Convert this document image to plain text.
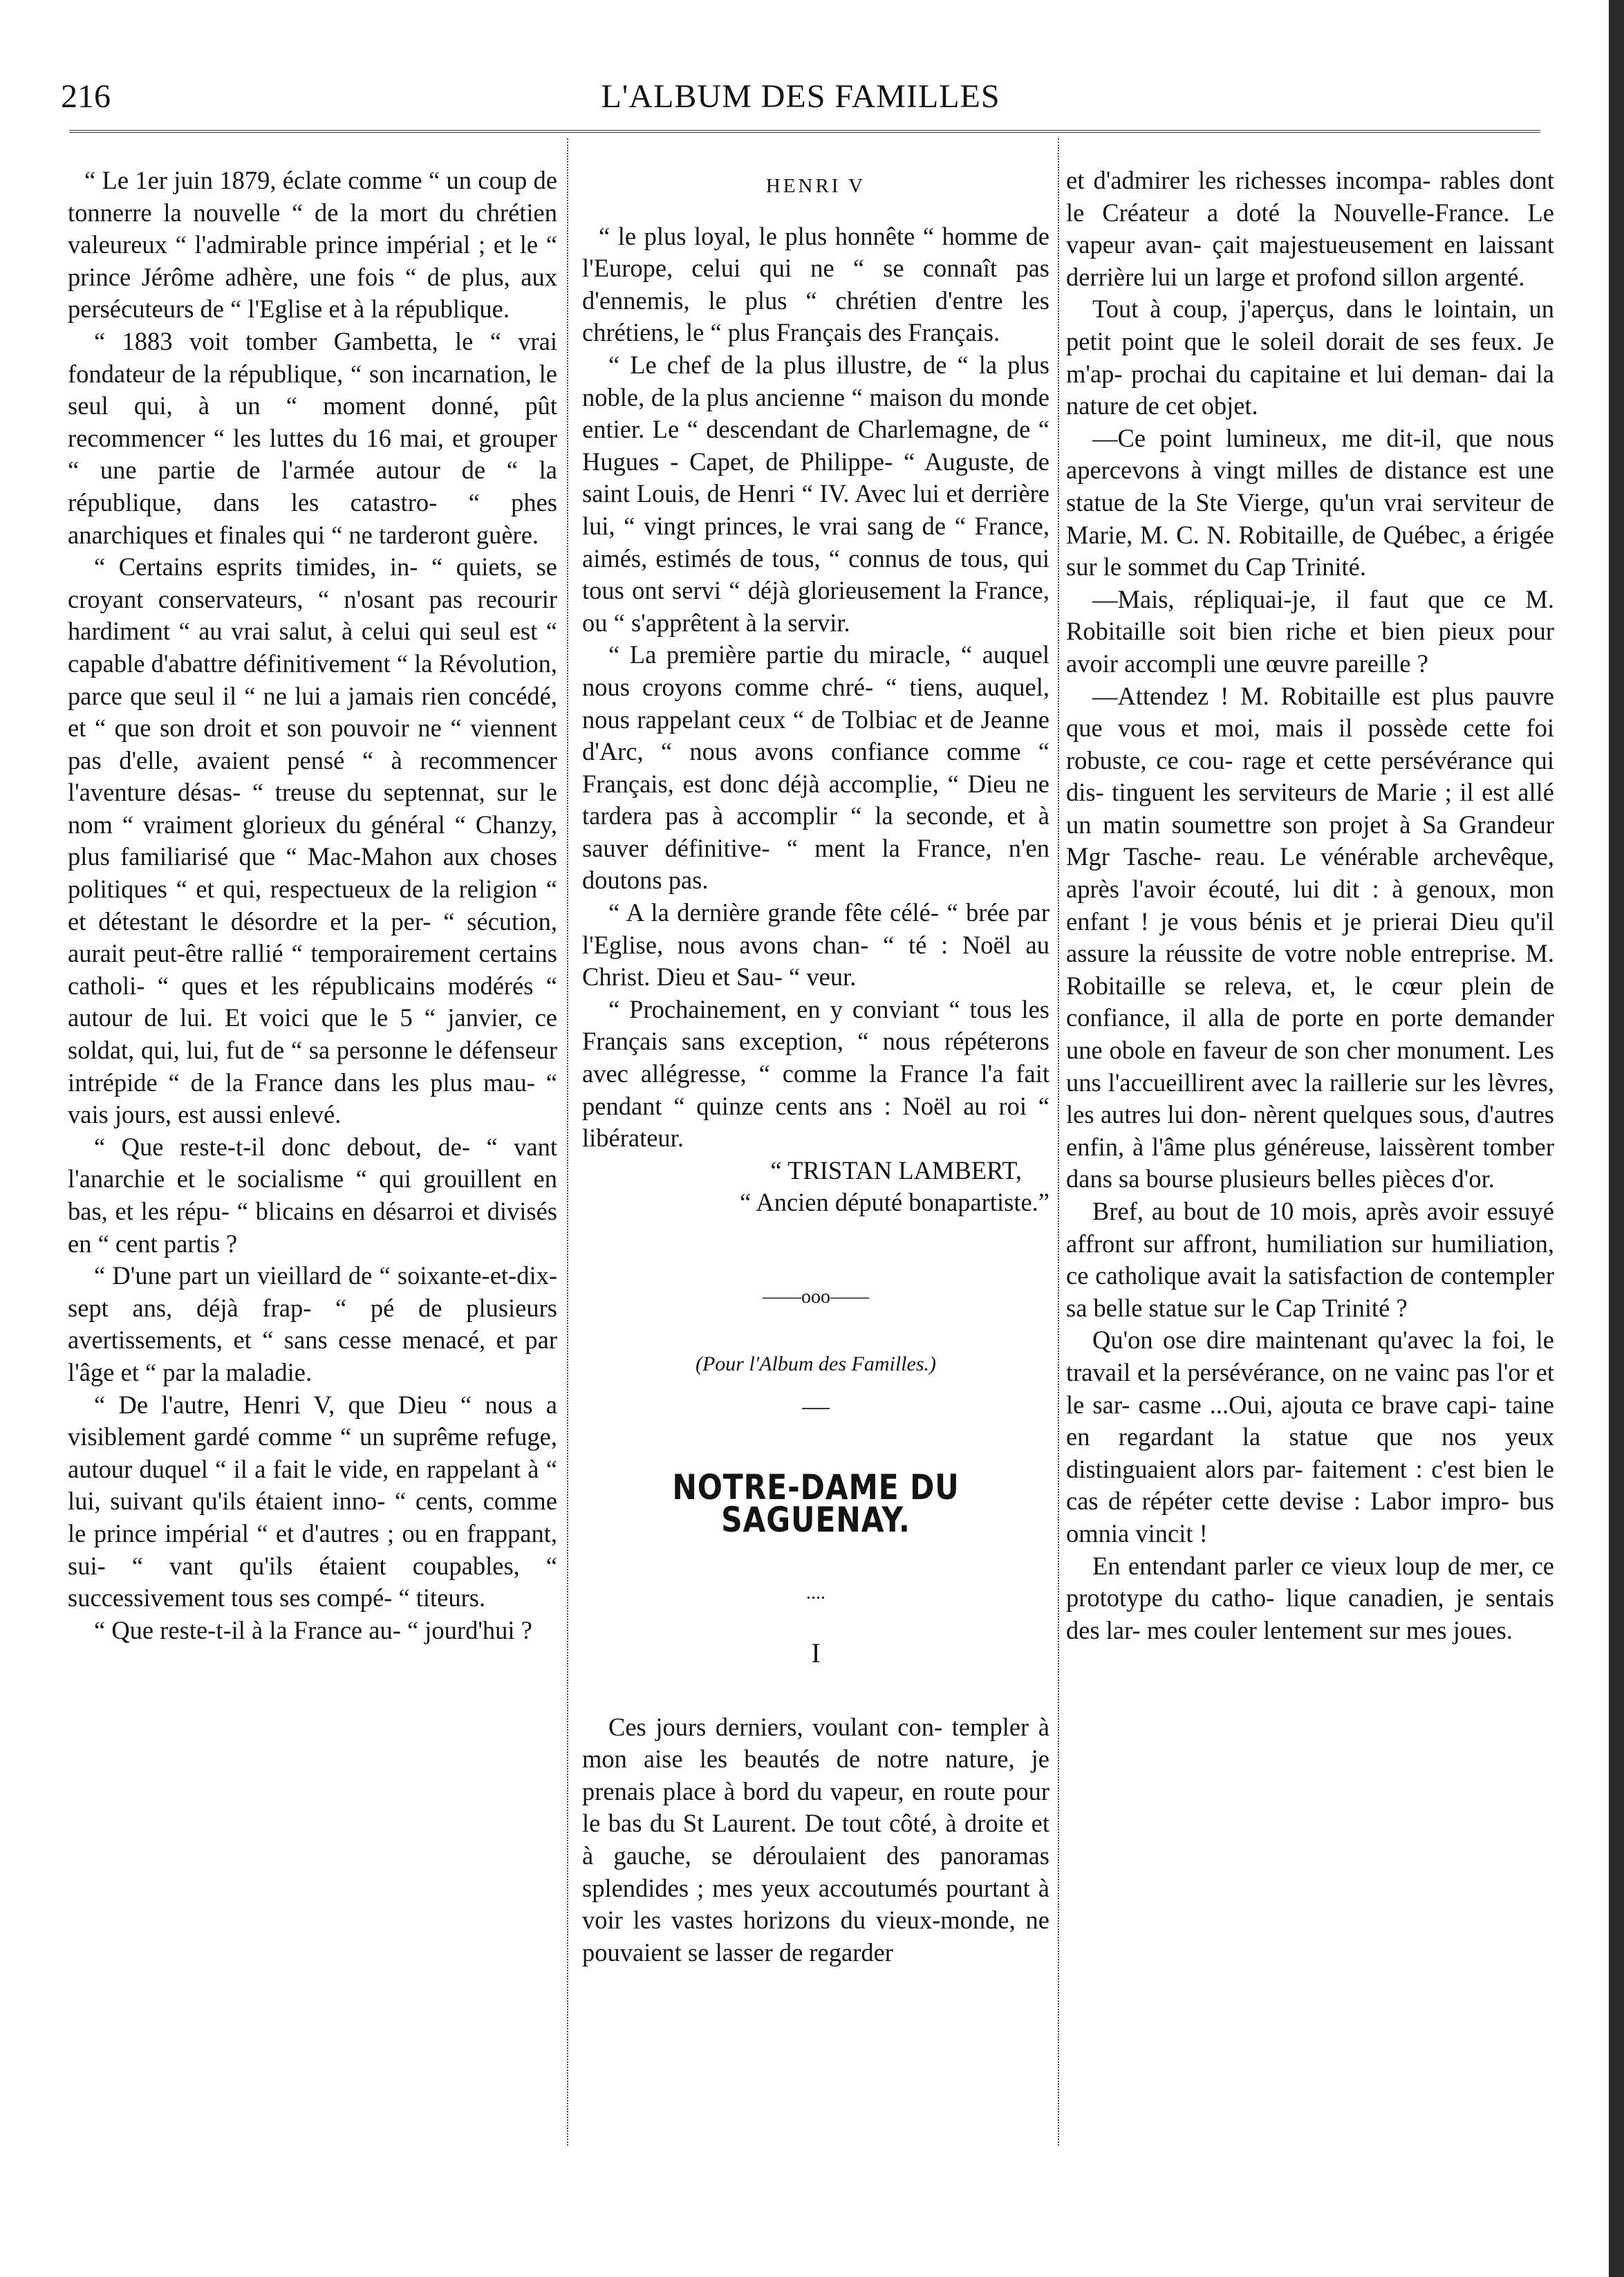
216	L'ALBUM DES FAMILLES

“ Le 1er juin 1879, éclate comme “ un coup de tonnerre la nouvelle “ de la mort du chrétien valeureux “ l'admirable prince impérial ; et le “ prince Jérôme adhère, une fois “ de plus, aux persécuteurs de “ l'Eglise et à la république.

“ 1883 voit tomber Gambetta, le “ vrai fondateur de la république, “ son incarnation, le seul qui, à un “ moment donné, pût recommencer “ les luttes du 16 mai, et grouper “ une partie de l'armée autour de “ la république, dans les catastro- “ phes anarchiques et finales qui “ ne tarderont guère.

“ Certains esprits timides, in- “ quiets, se croyant conservateurs, “ n'osant pas recourir hardiment “ au vrai salut, à celui qui seul est “ capable d'abattre définitivement “ la Révolution, parce que seul il “ ne lui a jamais rien concédé, et “ que son droit et son pouvoir ne “ viennent pas d'elle, avaient pensé “ à recommencer l'aventure désas- “ treuse du septennat, sur le nom “ vraiment glorieux du général “ Chanzy, plus familiarisé que “ Mac-Mahon aux choses politiques “ et qui, respectueux de la religion “ et détestant le désordre et la per- “ sécution, aurait peut-être rallié “ temporairement certains catholi- “ ques et les républicains modérés “ autour de lui. Et voici que le 5 “ janvier, ce soldat, qui, lui, fut de “ sa personne le défenseur intrépide “ de la France dans les plus mau- “ vais jours, est aussi enlevé.

“ Que reste-t-il donc debout, de- “ vant l'anarchie et le socialisme “ qui grouillent en bas, et les répu- “ blicains en désarroi et divisés en “ cent partis ?

“ D'une part un vieillard de “ soixante-et-dix-sept ans, déjà frap- “ pé de plusieurs avertissements, et “ sans cesse menacé, et par l'âge et “ par la maladie.

“ De l'autre, Henri V, que Dieu “ nous a visiblement gardé comme “ un suprême refuge, autour duquel “ il a fait le vide, en rappelant à “ lui, suivant qu'ils étaient inno- “ cents, comme le prince impérial “ et d'autres ; ou en frappant, sui- “ vant qu'ils étaient coupables, “ successivement tous ses compé- “ titeurs.

“ Que reste-t-il à la France au- “ jourd'hui ?

HENRI V

“ le plus loyal, le plus honnête “ homme de l'Europe, celui qui ne “ se connaît pas d'ennemis, le plus “ chrétien d'entre les chrétiens, le “ plus Français des Français.

“ Le chef de la plus illustre, de “ la plus noble, de la plus ancienne “ maison du monde entier. Le “ descendant de Charlemagne, de “ Hugues - Capet, de Philippe- “ Auguste, de saint Louis, de Henri “ IV. Avec lui et derrière lui, “ vingt princes, le vrai sang de “ France, aimés, estimés de tous, “ connus de tous, qui tous ont servi “ déjà glorieusement la France, ou “ s'apprêtent à la servir.

“ La première partie du miracle, “ auquel nous croyons comme chré- “ tiens, auquel, nous rappelant ceux “ de Tolbiac et de Jeanne d'Arc, “ nous avons confiance comme “ Français, est donc déjà accomplie, “ Dieu ne tardera pas à accomplir “ la seconde, et à sauver définitive- “ ment la France, n'en doutons pas.

“ A la dernière grande fête célé- “ brée par l'Eglise, nous avons chan- “ té : Noël au Christ. Dieu et Sau- “ veur.

“ Prochainement, en y conviant “ tous les Français sans exception, “ nous répéterons avec allégresse, “ comme la France l'a fait pendant “ quinze cents ans : Noël au roi “ libérateur.

“ TRISTAN LAMBERT,

“ Ancien député bonapartiste.”

——ooo——
(Pour l'Album des Familles.)
NOTRE-DAME DU SAGUENAY.
....
I

Ces jours derniers, voulant con- templer à mon aise les beautés de notre nature, je prenais place à bord du vapeur, en route pour le bas du St Laurent. De tout côté, à droite et à gauche, se déroulaient des panoramas splendides ; mes yeux accoutumés pourtant à voir les vastes horizons du vieux-monde, ne pouvaient se lasser de regarder

et d'admirer les richesses incompa- rables dont le Créateur a doté la Nouvelle-France. Le vapeur avan- çait majestueusement en laissant derrière lui un large et profond sillon argenté.

Tout à coup, j'aperçus, dans le lointain, un petit point que le soleil dorait de ses feux. Je m'ap- prochai du capitaine et lui deman- dai la nature de cet objet.

—Ce point lumineux, me dit-il, que nous apercevons à vingt milles de distance est une statue de la Ste Vierge, qu'un vrai serviteur de Marie, M. C. N. Robitaille, de Québec, a érigée sur le sommet du Cap Trinité.

—Mais, répliquai-je, il faut que ce M. Robitaille soit bien riche et bien pieux pour avoir accompli une œuvre pareille ?

—Attendez ! M. Robitaille est plus pauvre que vous et moi, mais il possède cette foi robuste, ce cou- rage et cette persévérance qui dis- tinguent les serviteurs de Marie ; il est allé un matin soumettre son projet à Sa Grandeur Mgr Tasche- reau. Le vénérable archevêque, après l'avoir écouté, lui dit : à genoux, mon enfant ! je vous bénis et je prierai Dieu qu'il assure la réussite de votre noble entreprise. M. Robitaille se releva, et, le cœur plein de confiance, il alla de porte en porte demander une obole en faveur de son cher monument. Les uns l'accueillirent avec la raillerie sur les lèvres, les autres lui don- nèrent quelques sous, d'autres enfin, à l'âme plus généreuse, laissèrent tomber dans sa bourse plusieurs belles pièces d'or.

Bref, au bout de 10 mois, après avoir essuyé affront sur affront, humiliation sur humiliation, ce catholique avait la satisfaction de contempler sa belle statue sur le Cap Trinité ?

Qu'on ose dire maintenant qu'avec la foi, le travail et la persévérance, on ne vainc pas l'or et le sar- casme ...Oui, ajouta ce brave capi- taine en regardant la statue que nos yeux distinguaient alors par- faitement : c'est bien le cas de répéter cette devise : Labor impro- bus omnia vincit !

En entendant parler ce vieux loup de mer, ce prototype du catho- lique canadien, je sentais des lar- mes couler lentement sur mes joues.
